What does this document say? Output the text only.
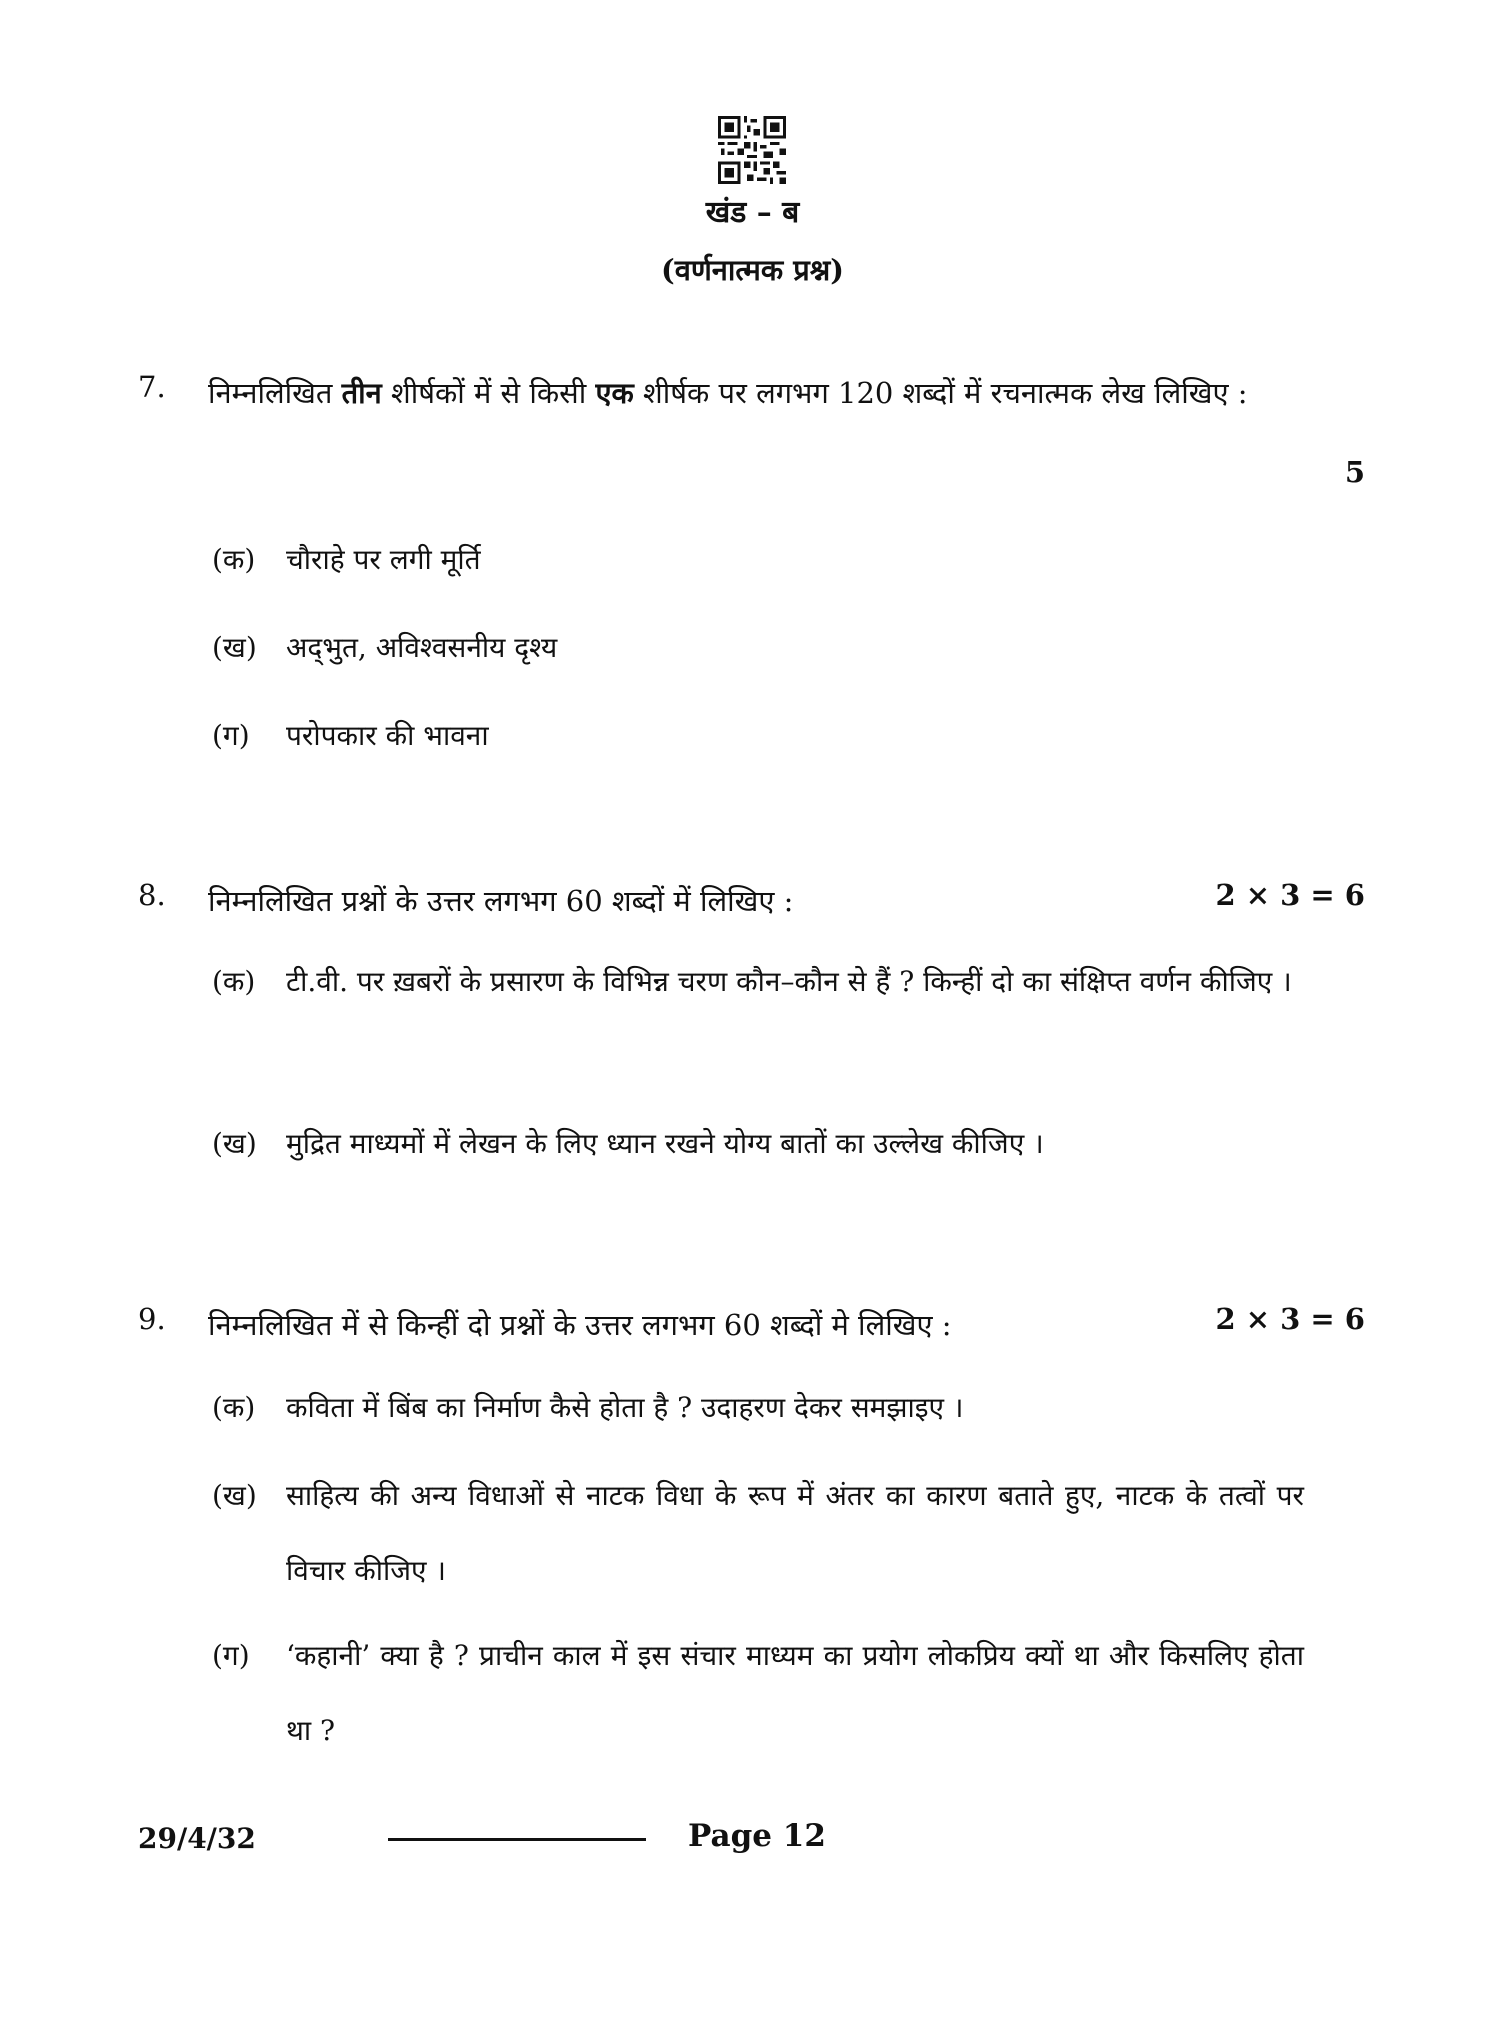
खंड – ब
(वर्णनात्मक प्रश्न)
7. निम्नलिखित तीन शीर्षकों में से किसी एक शीर्षक पर लगभग 120 शब्दों में रचनात्मक लेख लिखिए :
5
(क) चौराहे पर लगी मूर्ति
(ख) अद्‌भुत, अविश्वसनीय दृश्य
(ग) परोपकार की भावना
8. निम्नलिखित प्रश्नों के उत्तर लगभग 60 शब्दों में लिखिए :	2 × 3 = 6
(क) टी.वी. पर ख़बरों के प्रसारण के विभिन्न चरण कौन–कौन से हैं ? किन्हीं दो का संक्षिप्त वर्णन कीजिए ।
(ख) मुद्रित माध्यमों में लेखन के लिए ध्यान रखने योग्य बातों का उल्लेख कीजिए ।
9. निम्नलिखित में से किन्हीं दो प्रश्नों के उत्तर लगभग 60 शब्दों मे लिखिए :	2 × 3 = 6
(क) कविता में बिंब का निर्माण कैसे होता है ? उदाहरण देकर समझाइए ।
(ख) साहित्य की अन्य विधाओं से नाटक विधा के रूप में अंतर का कारण बताते हुए, नाटक के तत्वों पर विचार कीजिए ।
(ग) ‘कहानी’ क्या है ? प्राचीन काल में इस संचार माध्यम का प्रयोग लोकप्रिय क्यों था और किसलिए होता था ?
29/4/32	Page 12
